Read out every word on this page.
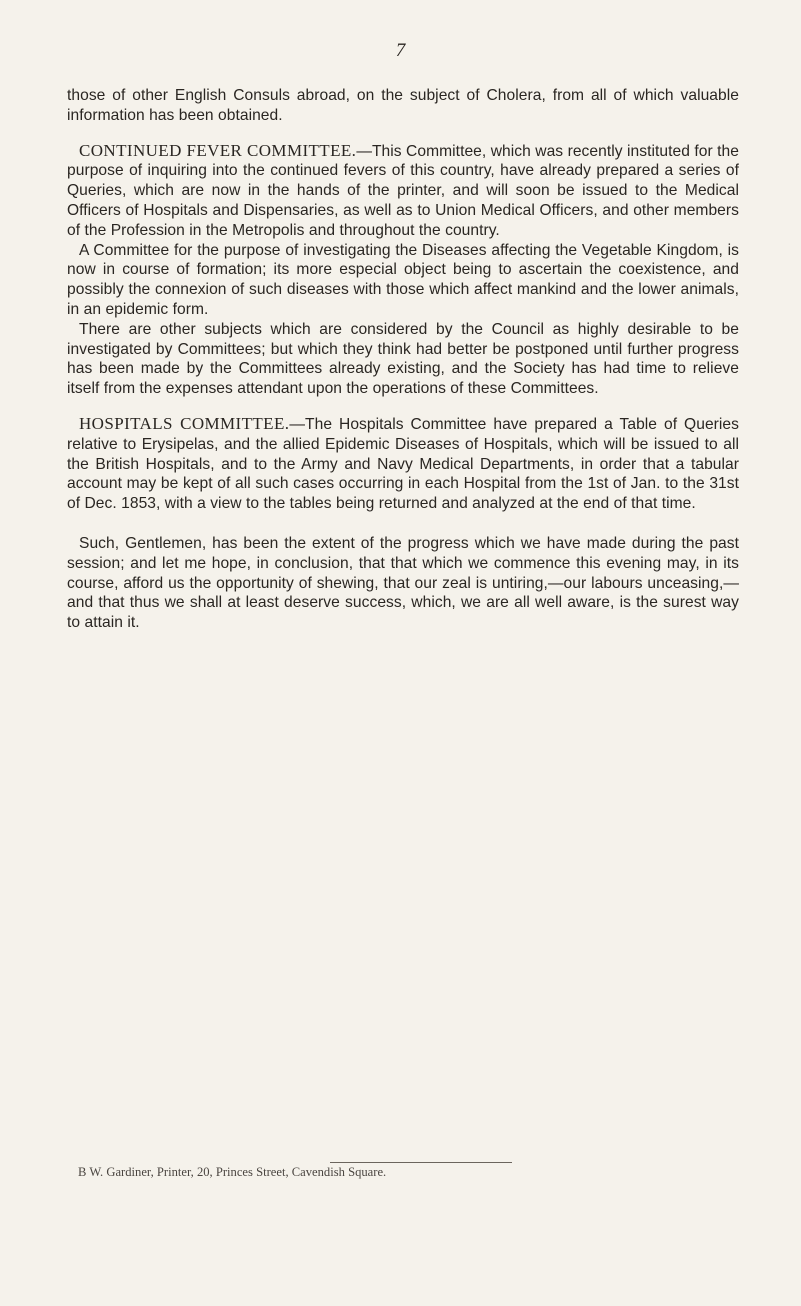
7

those of other English Consuls abroad, on the subject of Cholera, from all of which valuable information has been obtained.

CONTINUED FEVER COMMITTEE.—This Committee, which was recently instituted for the purpose of inquiring into the continued fevers of this country, have already prepared a series of Queries, which are now in the hands of the printer, and will soon be issued to the Medical Officers of Hospitals and Dispensaries, as well as to Union Medical Officers, and other members of the Profession in the Metropolis and throughout the country.

A Committee for the purpose of investigating the Diseases affecting the Vegetable Kingdom, is now in course of formation; its more especial object being to ascertain the coexistence, and possibly the connexion of such diseases with those which affect mankind and the lower animals, in an epidemic form.

There are other subjects which are considered by the Council as highly desirable to be investigated by Committees; but which they think had better be postponed until further progress has been made by the Committees already existing, and the Society has had time to relieve itself from the expenses attendant upon the operations of these Committees.

HOSPITALS COMMITTEE.—The Hospitals Committee have prepared a Table of Queries relative to Erysipelas, and the allied Epidemic Diseases of Hospitals, which will be issued to all the British Hospitals, and to the Army and Navy Medical Departments, in order that a tabular account may be kept of all such cases occurring in each Hospital from the 1st of Jan. to the 31st of Dec. 1853, with a view to the tables being returned and analyzed at the end of that time.

Such, Gentlemen, has been the extent of the progress which we have made during the past session; and let me hope, in conclusion, that that which we commence this evening may, in its course, afford us the opportunity of shewing, that our zeal is untiring,—our labours unceasing,—and that thus we shall at least deserve success, which, we are all well aware, is the surest way to attain it.

B W. Gardiner, Printer, 20, Princes Street, Cavendish Square.
